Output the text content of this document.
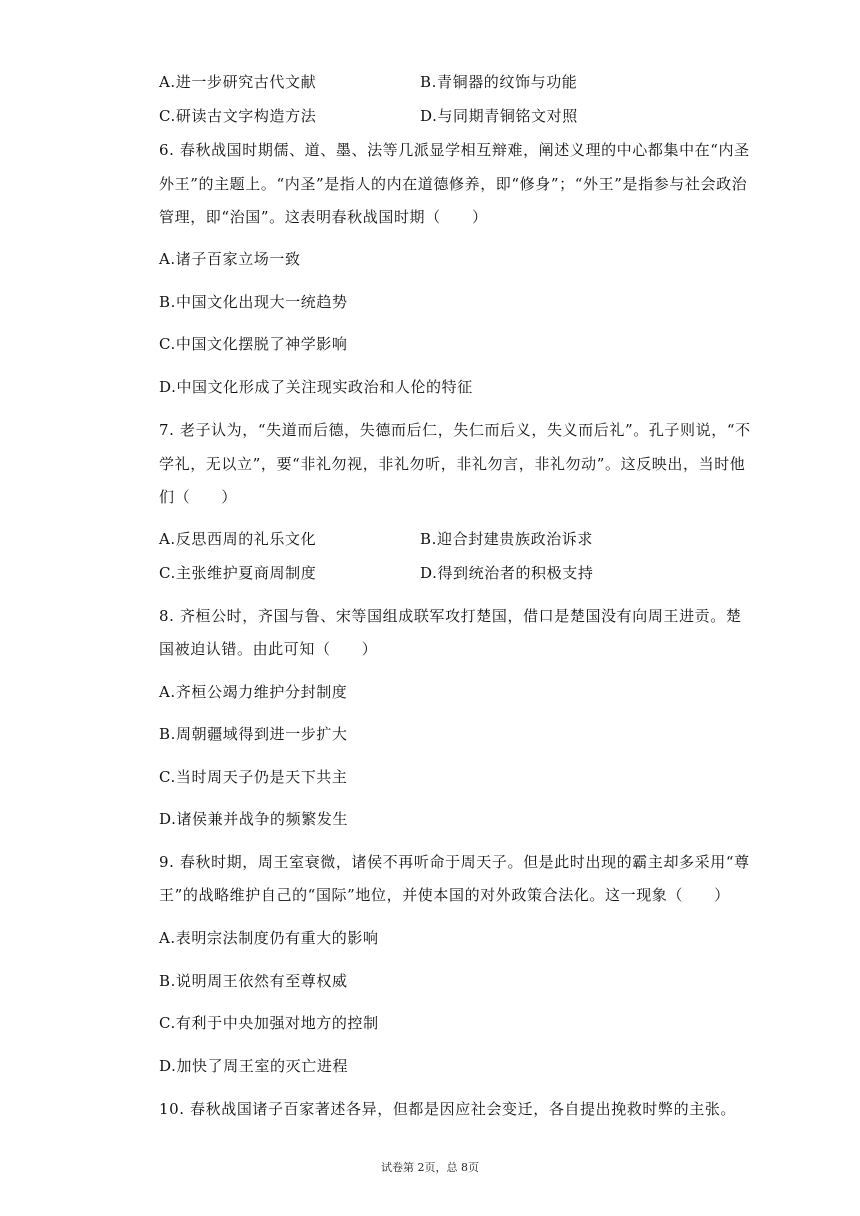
A.进一步研究古代文献	B.青铜器的纹饰与功能
C.研读古文字构造方法	D.与同期青铜铭文对照
6. 春秋战国时期儒、道、墨、法等几派显学相互辩难，阐述义理的中心都集中在“内圣
外王”的主题上。“内圣”是指人的内在道德修养，即“修身”；“外王”是指参与社会政治
管理，即“治国”。这表明春秋战国时期（　　）
A.诸子百家立场一致
B.中国文化出现大一统趋势
C.中国文化摆脱了神学影响
D.中国文化形成了关注现实政治和人伦的特征
7. 老子认为，“失道而后德，失德而后仁，失仁而后义，失义而后礼”。孔子则说，“不
学礼，无以立”，要“非礼勿视，非礼勿听，非礼勿言，非礼勿动”。这反映出，当时他
们（　　）
A.反思西周的礼乐文化	B.迎合封建贵族政治诉求
C.主张维护夏商周制度	D.得到统治者的积极支持
8. 齐桓公时，齐国与鲁、宋等国组成联军攻打楚国，借口是楚国没有向周王进贡。楚
国被迫认错。由此可知（　　）
A.齐桓公竭力维护分封制度
B.周朝疆域得到进一步扩大
C.当时周天子仍是天下共主
D.诸侯兼并战争的频繁发生
9. 春秋时期，周王室衰微，诸侯不再听命于周天子。但是此时出现的霸主却多采用“尊
王”的战略维护自己的“国际”地位，并使本国的对外政策合法化。这一现象（　　）
A.表明宗法制度仍有重大的影响
B.说明周王依然有至尊权威
C.有利于中央加强对地方的控制
D.加快了周王室的灭亡进程
10. 春秋战国诸子百家著述各异，但都是因应社会变迁，各自提出挽救时弊的主张。
试卷第 2页，总 8页
